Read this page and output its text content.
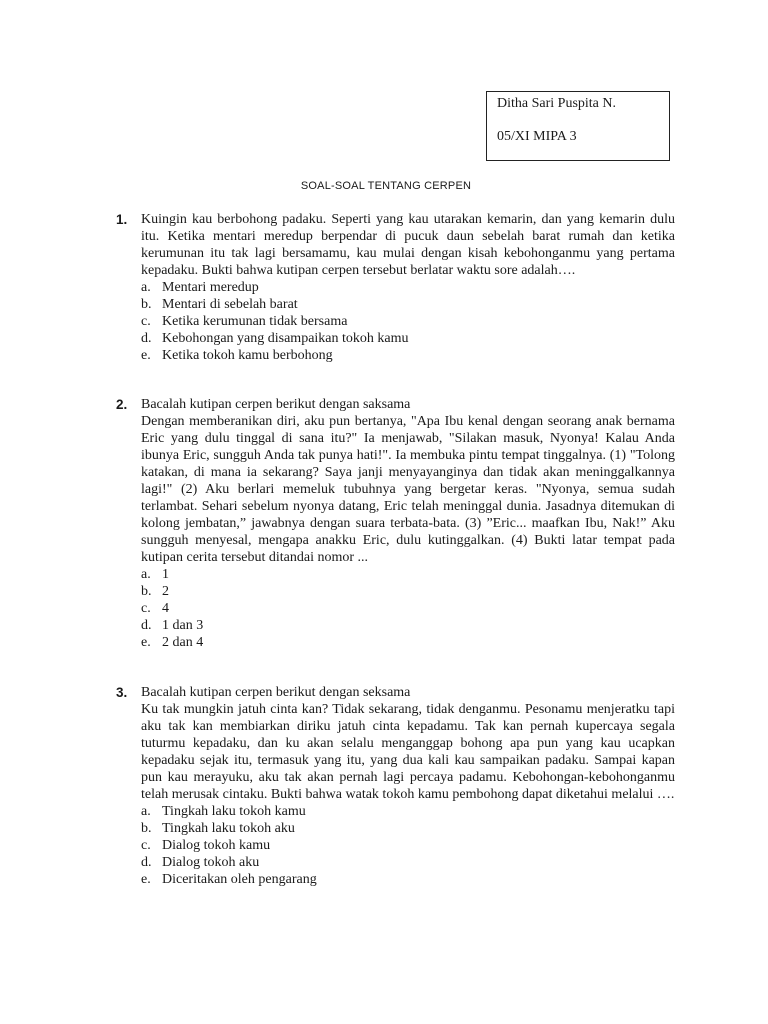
Ditha Sari Puspita N.
05/XI MIPA 3
SOAL-SOAL TENTANG CERPEN
1. Kuingin kau berbohong padaku. Seperti yang kau utarakan kemarin, dan yang kemarin dulu itu. Ketika mentari meredup berpendar di pucuk daun sebelah barat rumah dan ketika kerumunan itu tak lagi bersamamu, kau mulai dengan kisah kebohonganmu yang pertama kepadaku. Bukti bahwa kutipan cerpen tersebut berlatar waktu sore adalah….
a. Mentari meredup
b. Mentari di sebelah barat
c. Ketika kerumunan tidak bersama
d. Kebohongan yang disampaikan tokoh kamu
e. Ketika tokoh kamu berbohong
2. Bacalah kutipan cerpen berikut dengan saksama
Dengan memberanikan diri, aku pun bertanya, "Apa Ibu kenal dengan seorang anak bernama Eric yang dulu tinggal di sana itu?" Ia menjawab, "Silakan masuk, Nyonya! Kalau Anda ibunya Eric, sungguh Anda tak punya hati!". Ia membuka pintu tempat tinggalnya. (1) "Tolong katakan, di mana ia sekarang? Saya janji menyayanginya dan tidak akan meninggalkannya lagi!" (2) Aku berlari memeluk tubuhnya yang bergetar keras. "Nyonya, semua sudah terlambat. Sehari sebelum nyonya datang, Eric telah meninggal dunia. Jasadnya ditemukan di kolong jembatan,” jawabnya dengan suara terbata-bata. (3) ”Eric... maafkan Ibu, Nak!” Aku sungguh menyesal, mengapa anakku Eric, dulu kutinggalkan. (4) Bukti latar tempat pada kutipan cerita tersebut ditandai nomor ...
a. 1
b. 2
c. 4
d. 1 dan 3
e. 2 dan 4
3. Bacalah kutipan cerpen berikut dengan seksama
Ku tak mungkin jatuh cinta kan? Tidak sekarang, tidak denganmu. Pesonamu menjeratku tapi aku tak kan membiarkan diriku jatuh cinta kepadamu. Tak kan pernah kupercaya segala tuturmu kepadaku, dan ku akan selalu menganggap bohong apa pun yang kau ucapkan kepadaku sejak itu, termasuk yang itu, yang dua kali kau sampaikan padaku. Sampai kapan pun kau merayuku, aku tak akan pernah lagi percaya padamu. Kebohongan-kebohonganmu telah merusak cintaku. Bukti bahwa watak tokoh kamu pembohong dapat diketahui melalui ….
a. Tingkah laku tokoh kamu
b. Tingkah laku tokoh aku
c. Dialog tokoh kamu
d. Dialog tokoh aku
e. Diceritakan oleh pengarang
